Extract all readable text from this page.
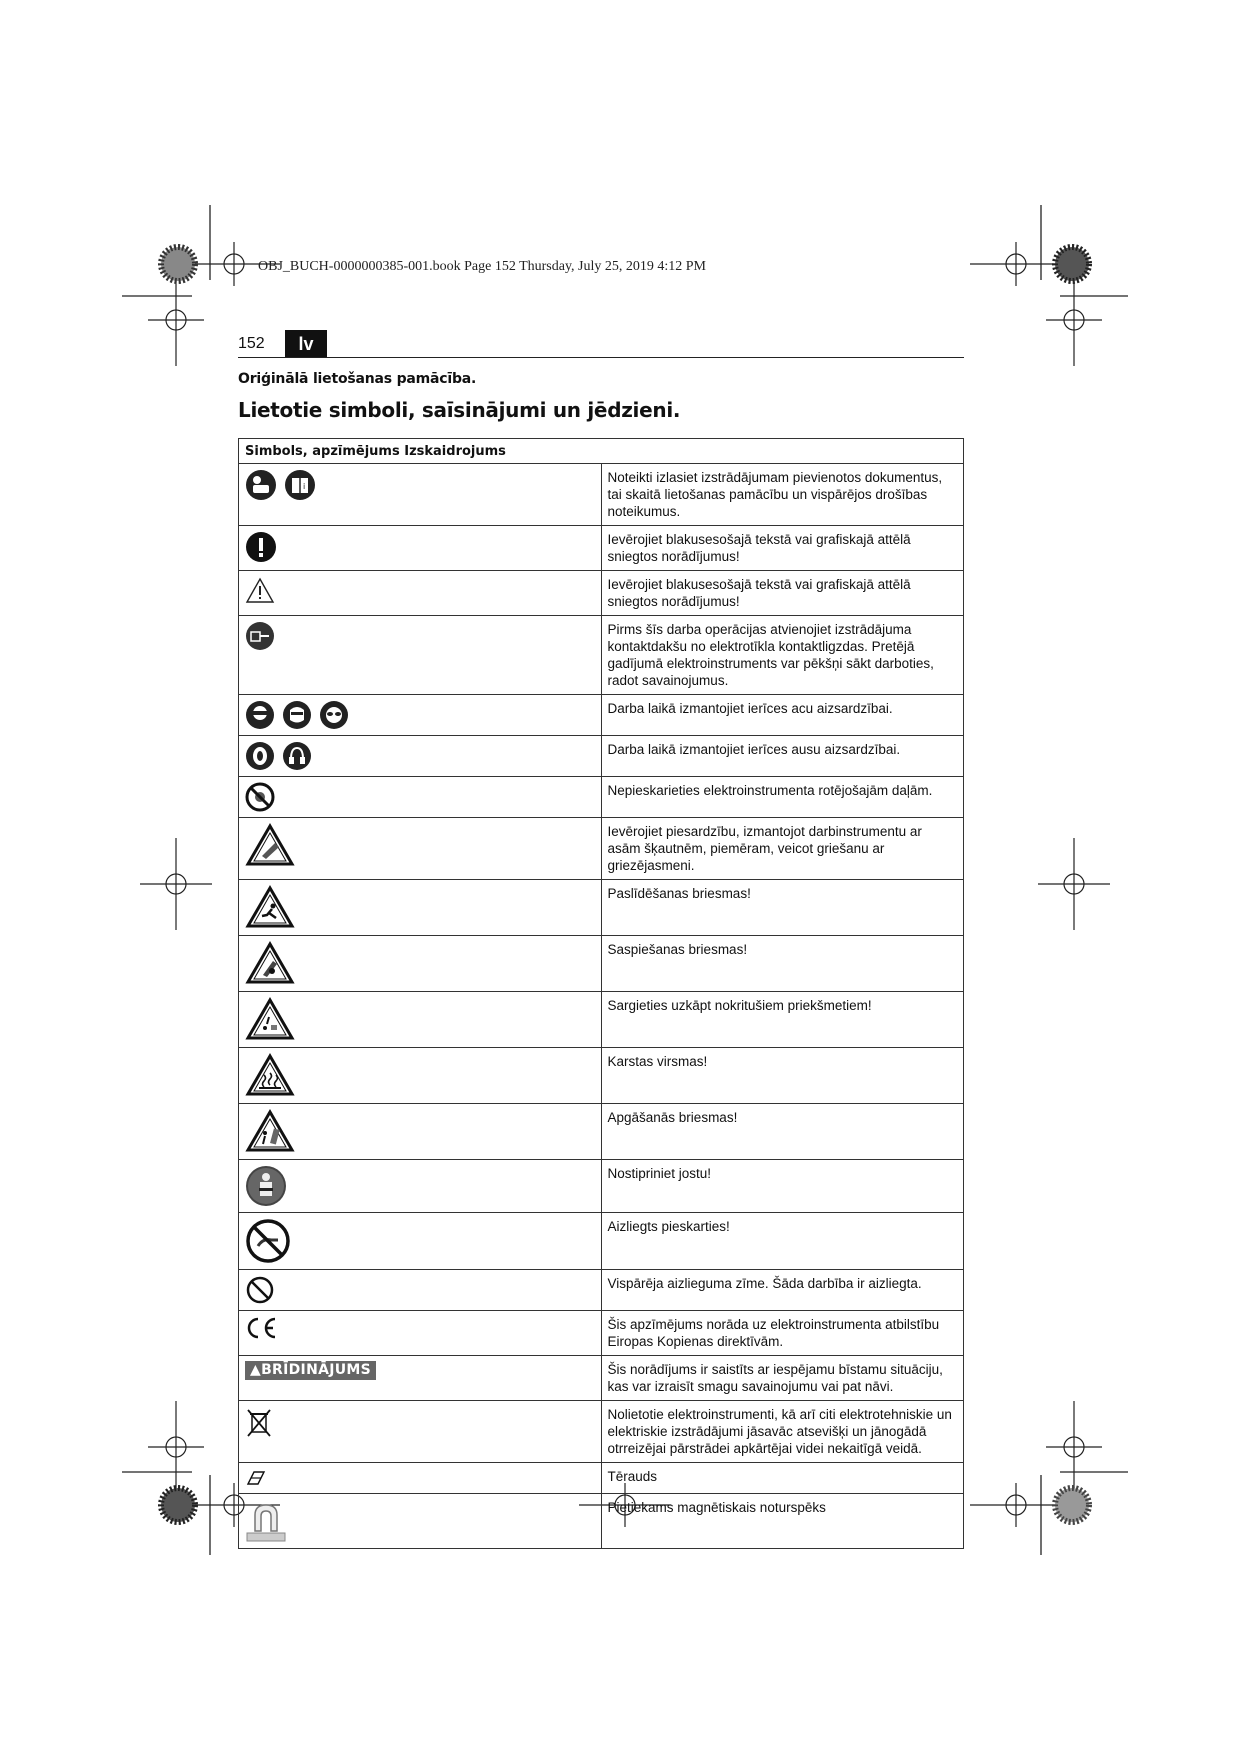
OBJ_BUCH-0000000385-001.book Page 152 Thursday, July 25, 2019 4:12 PM
152	lv
Oriģinālā lietošanas pamācība.
Lietotie simboli, saīsinājumi un jēdzieni.
Simbols, apzīmējums Izskaidrojums	

i	Noteikti izlasiet izstrādājumam pievienotos dokumentus, tai skaitā lietošanas pamācību un vispārējos drošības noteikumus.
	Ievērojiet blakusesošajā tekstā vai grafiskajā attēlā sniegtos norādījumus!
	Ievērojiet blakusesošajā tekstā vai grafiskajā attēlā sniegtos norādījumus!
	Pirms šīs darba operācijas atvienojiet izstrādājuma kontaktdakšu no elektrotīkla kontaktligzdas. Pretējā gadījumā elektroinstruments var pēkšņi sākt darboties, radot savainojumus.
	Darba laikā izmantojiet ierīces acu aizsardzībai.
	Darba laikā izmantojiet ierīces ausu aizsardzībai.
	Nepieskarieties elektroinstrumenta rotējošajām daļām.
	Ievērojiet piesardzību, izmantojot darbinstrumentu ar asām šķautnēm, piemēram, veicot griešanu ar griezējasmeni.
	Paslīdēšanas briesmas!
	Saspiešanas briesmas!
	Sargieties uzkāpt nokritušiem priekšmetiem!
	Karstas virsmas!
	Apgāšanās briesmas!
	Nostipriniet jostu!
	Aizliegts pieskarties!
	Vispārēja aizlieguma zīme. Šāda darbība ir aizliegta.
	Šis apzīmējums norāda uz elektroinstrumenta atbilstību Eiropas Kopienas direktīvām.
▲BRĪDINĀJUMS	Šis norādījums ir saistīts ar iespējamu bīstamu situāciju, kas var izraisīt smagu savainojumu vai pat nāvi.
	Nolietotie elektroinstrumenti, kā arī citi elektrotehniskie un elektriskie izstrādājumi jāsavāc atsevišķi un jānogādā otrreizējai pārstrādei apkārtējai videi nekaitīgā veidā.
	Tērauds
	Pietiekams magnētiskais noturspēks
